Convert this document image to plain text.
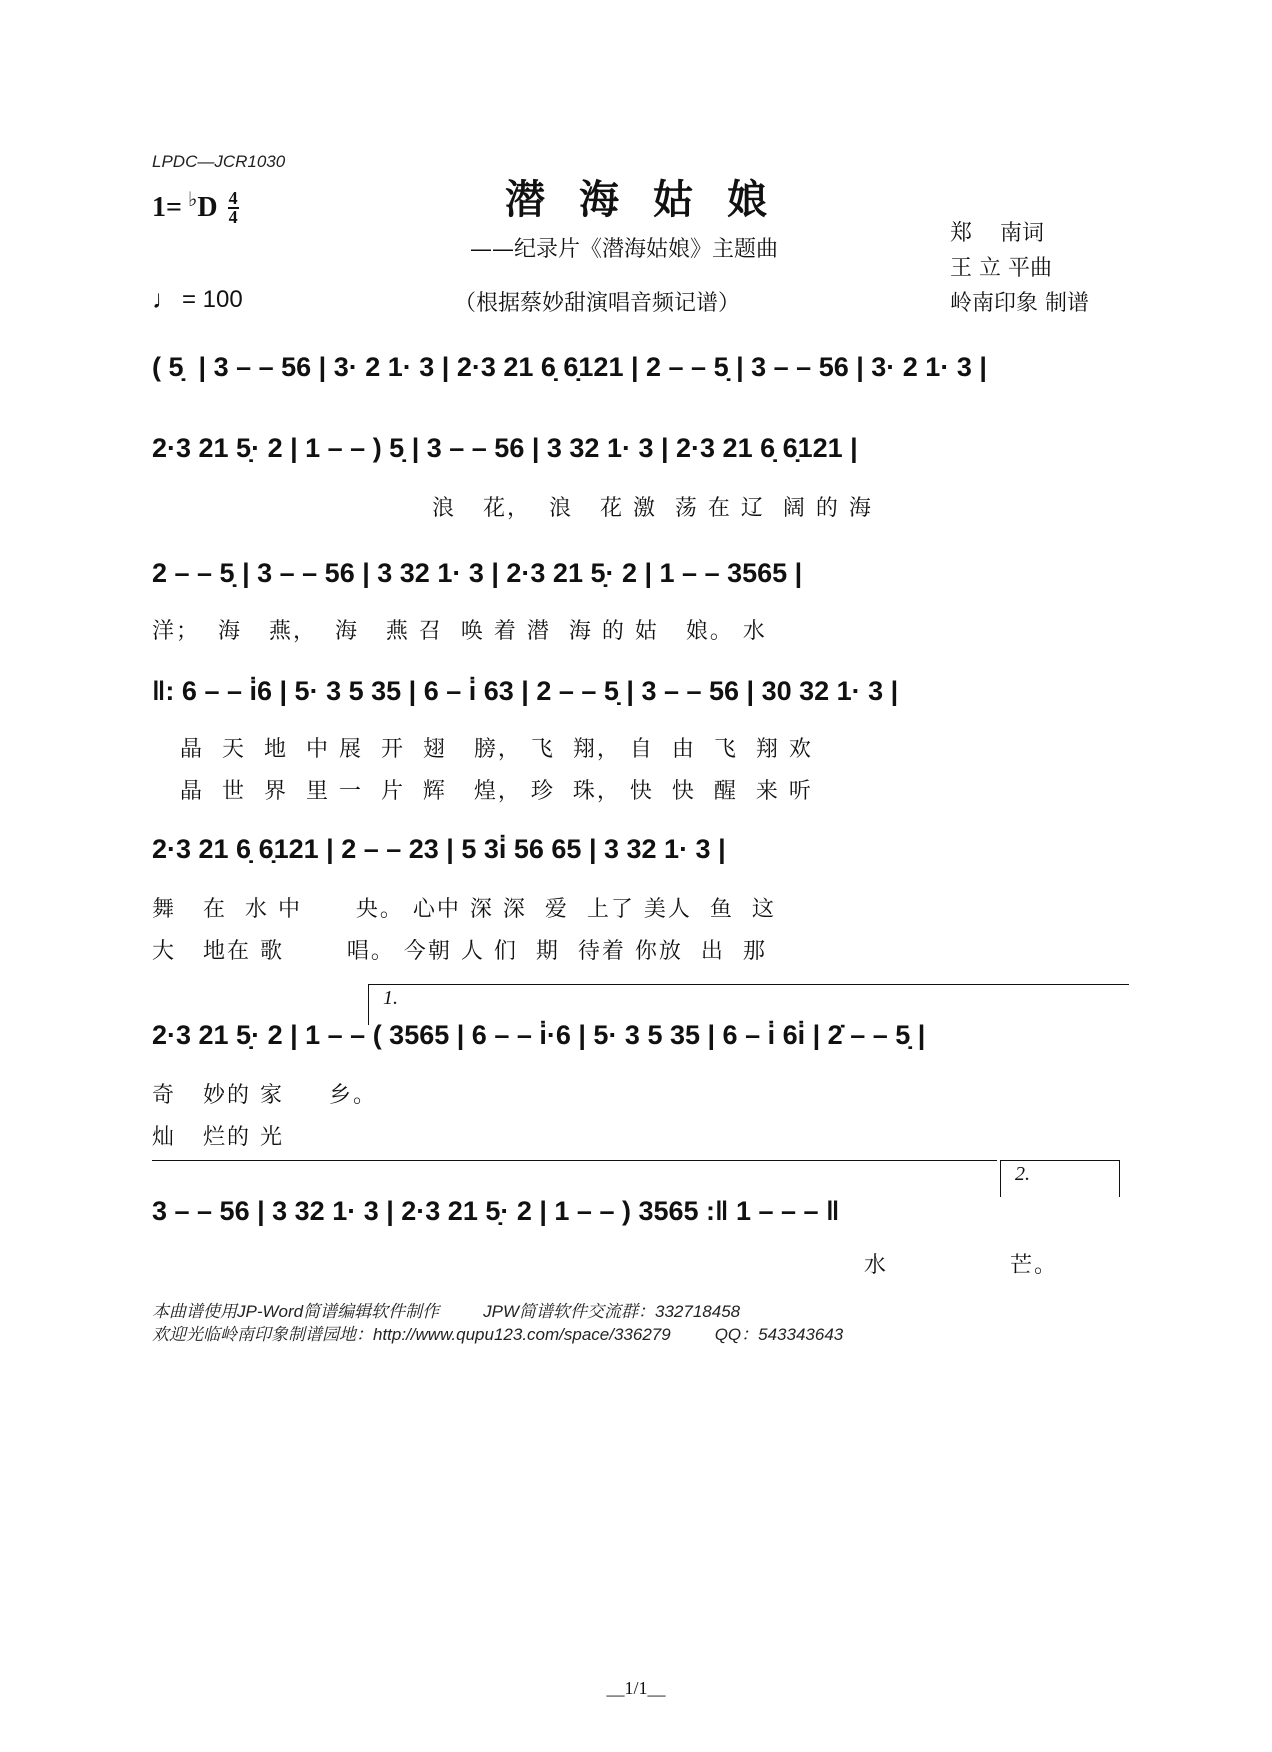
LPDC—JCR1030
1= ♭ D $\frac{4}{4}$
♩ = 100
潜海姑娘
——纪录片《潜海姑娘》主题曲
（根据蔡妙甜演唱音频记谱）
郑    南词
王 立 平曲
岭南印象 制谱
( 5̣  | 3 – – 56 | 3· 2 1· 3 | 2·3 21 6̣ 6̣121 | 2 – – 5̣ | 3 – – 56 | 3· 2 1· 3 |
2·3 21 5̣· 2 | 1 – – ) 5̣ | 3 – – 56 | 3 32 1· 3 | 2·3 21 6̣ 6̣121 |
浪   花，  浪   花 激  荡 在 辽  阔 的 海
2 – – 5̣ | 3 – – 56 | 3 32 1· 3 | 2·3 21 5̣· 2 | 1 – – 3565 |
洋；  海   燕，  海   燕 召  唤 着 潜  海 的 姑   娘。 水
‖: 6 – – i̇6 | 5· 3 5 35 | 6 – i̇ 63 | 2 – – 5̣ | 3 – – 56 | 30 32 1· 3 |
晶  天  地  中 展  开  翅   膀， 飞  翔， 自  由  飞  翔 欢
晶  世  界  里 一  片  辉   煌， 珍  珠， 快  快  醒  来 听
2·3 21 6̣ 6̣121 | 2 – – 23 | 5 3i̇ 56 65 | 3 32 1· 3 |
舞   在  水 中      央。 心中 深 深  爱  上了 美人  鱼  这
大   地在 歌       唱。 今朝 人 们  期  待着 你放  出  那
1.
2·3 21 5̣· 2 | 1 – – ( 3565 | 6 – – i̇·6 | 5· 3 5 35 | 6 – i̇ 6i̇ | 2̇ – – 5̣ |
奇   妙的 家     乡。
灿   烂的 光
2.
3 – – 56 | 3 32 1· 3 | 2·3 21 5̣· 2 | 1 – – ) 3565 :‖ 1 – – – ‖
水	芒。
本曲谱使用JP-Word简谱编辑软件制作	JPW简谱软件交流群：332718458
欢迎光临岭南印象制谱园地：http://www.qupu123.com/space/336279	QQ：543343643
__1/1__
